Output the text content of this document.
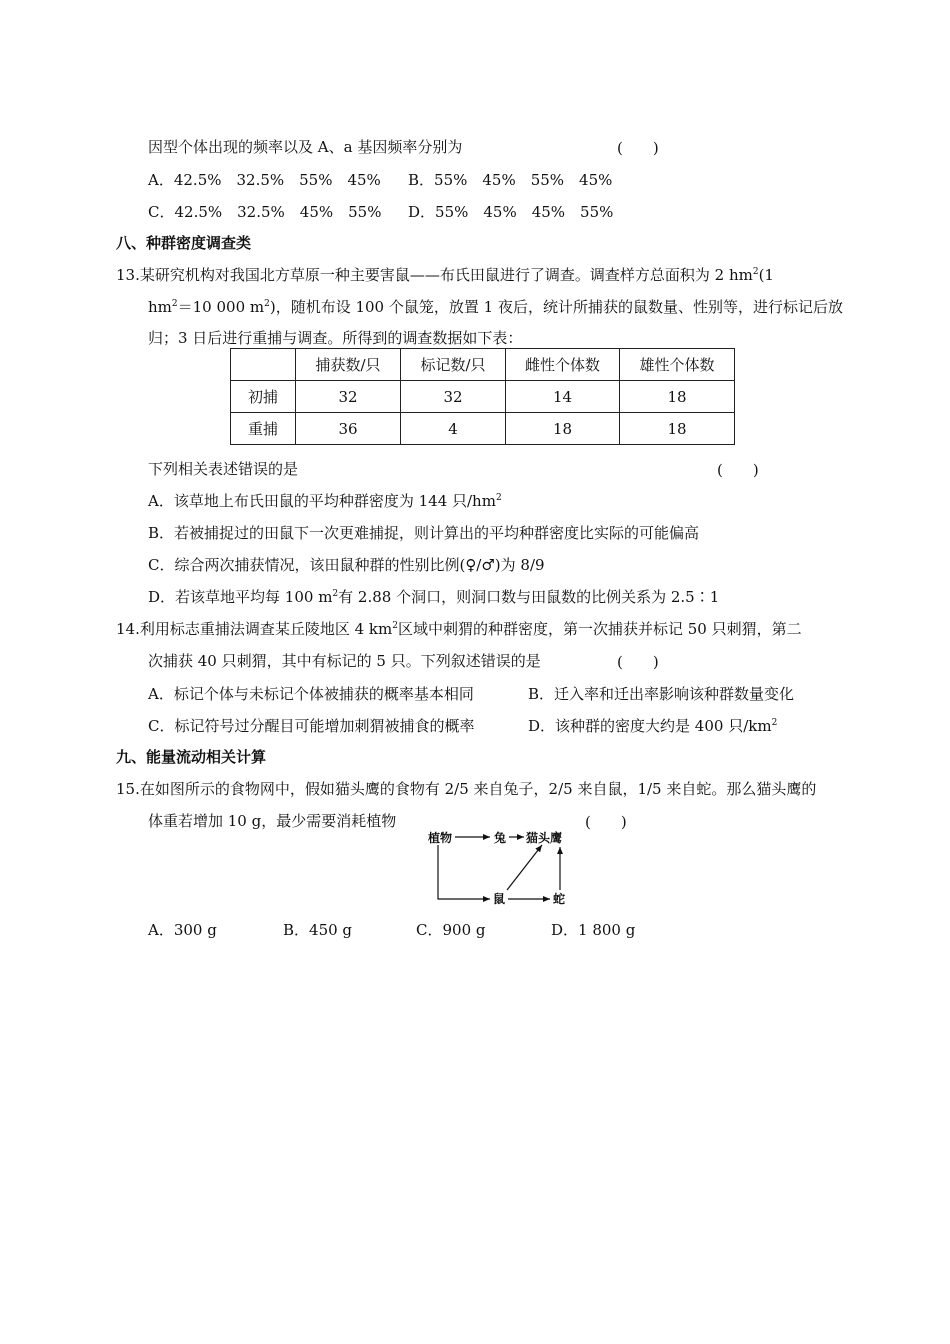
因型个体出现的频率以及 A、a 基因频率分别为	(　　)
A．42.5%　32.5%　55%　45% B．55%　45%　55%　45%
C．42.5%　32.5%　45%　55% D．55%　45%　45%　55%
八、种群密度调查类
13.某研究机构对我国北方草原一种主要害鼠——布氏田鼠进行了调查。调查样方总面积为 2 $hm^2(1$
$hm^2=10$ 000 $m^2$)，随机布设 100 个鼠笼，放置 1 夜后，统计所捕获的鼠数量、性别等，进行标记后放
归；3 日后进行重捕与调查。所得到的调查数据如下表：
	捕获数/只	标记数/只	雌性个体数	雄性个体数
初捕	32	32	14	18
重捕	36	4	18	18
下列相关表述错误的是	(　　)
A．该草地上布氏田鼠的平均种群密度为 144 只$/hm^2$
B．若被捕捉过的田鼠下一次更难捕捉，则计算出的平均种群密度比实际的可能偏高
C．综合两次捕获情况，该田鼠种群的性别比例(♀/♂)为 8/9
D．若该草地平均每 100 $m^2$有 2.88 个洞口，则洞口数与田鼠数的比例关系为 2.5∶1
14.利用标志重捕法调查某丘陵地区 4 $km^2$区域中刺猬的种群密度，第一次捕获并标记 50 只刺猬，第二
次捕获 40 只刺猬，其中有标记的 5 只。下列叙述错误的是	(　　)
A．标记个体与未标记个体被捕获的概率基本相同	B．迁入率和迁出率影响该种群数量变化
C．标记符号过分醒目可能增加刺猬被捕食的概率	D．该种群的密度大约是 400 只$/km^2$
九、能量流动相关计算
15.在如图所示的食物网中，假如猫头鹰的食物有 2/5 来自兔子，2/5 来自鼠，1/5 来自蛇。那么猫头鹰的
体重若增加 10 g，最少需要消耗植物	(　　)
植物	兔 猫头鹰
鼠	蛇
A．300 g	B．450 g	C．900 g	D．1 800 g
